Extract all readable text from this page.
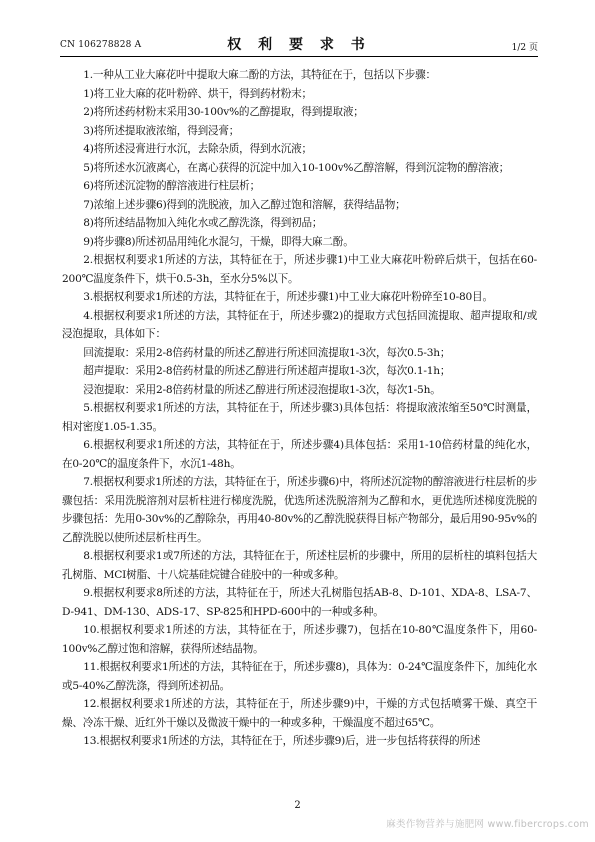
CN 106278828 A	权 利 要 求 书	1/2 页

1.一种从工业大麻花叶中提取大麻二酚的方法，其特征在于，包括以下步骤：

1)将工业大麻的花叶粉碎、烘干，得到药材粉末；

2)将所述药材粉末采用30-100v%的乙醇提取，得到提取液；

3)将所述提取液浓缩，得到浸膏；

4)将所述浸膏进行水沉，去除杂质，得到水沉液；

5)将所述水沉液离心，在离心获得的沉淀中加入10-100v%乙醇溶解，得到沉淀物的醇溶液；

6)将所述沉淀物的醇溶液进行柱层析；

7)浓缩上述步骤6)得到的洗脱液，加入乙醇过饱和溶解，获得结晶物；

8)将所述结晶物加入纯化水或乙醇洗涤，得到初品；

9)将步骤8)所述初品用纯化水混匀，干燥，即得大麻二酚。

2.根据权利要求1所述的方法，其特征在于，所述步骤1)中工业大麻花叶粉碎后烘干，包括在60-200℃温度条件下，烘干0.5-3h，至水分5%以下。

3.根据权利要求1所述的方法，其特征在于，所述步骤1)中工业大麻花叶粉碎至10-80目。

4.根据权利要求1所述的方法，其特征在于，所述步骤2)的提取方式包括回流提取、超声提取和/或浸泡提取，具体如下：

回流提取：采用2-8倍药材量的所述乙醇进行所述回流提取1-3次，每次0.5-3h；

超声提取：采用2-8倍药材量的所述乙醇进行所述超声提取1-3次，每次0.1-1h；

浸泡提取：采用2-8倍药材量的所述乙醇进行所述浸泡提取1-3次，每次1-5h。

5.根据权利要求1所述的方法，其特征在于，所述步骤3)具体包括：将提取液浓缩至50℃时测量，相对密度1.05-1.35。

6.根据权利要求1所述的方法，其特征在于，所述步骤4)具体包括：采用1-10倍药材量的纯化水，在0-20℃的温度条件下，水沉1-48h。

7.根据权利要求1所述的方法，其特征在于，所述步骤6)中，将所述沉淀物的醇溶液进行柱层析的步骤包括：采用洗脱溶剂对层析柱进行梯度洗脱，优选所述洗脱溶剂为乙醇和水，更优选所述梯度洗脱的步骤包括：先用0-30v%的乙醇除杂，再用40-80v%的乙醇洗脱获得目标产物部分，最后用90-95v%的乙醇洗脱以使所述层析柱再生。

8.根据权利要求1或7所述的方法，其特征在于，所述柱层析的步骤中，所用的层析柱的填料包括大孔树脂、MCI树脂、十八烷基硅烷键合硅胶中的一种或多种。

9.根据权利要求8所述的方法，其特征在于，所述大孔树脂包括AB-8、D-101、XDA-8、LSA-7、D-941、DM-130、ADS-17、SP-825和HPD-600中的一种或多种。

10.根据权利要求1所述的方法，其特征在于，所述步骤7)，包括在10-80℃温度条件下，用60-100v%乙醇过饱和溶解，获得所述结晶物。

11.根据权利要求1所述的方法，其特征在于，所述步骤8)，具体为：0-24℃温度条件下，加纯化水或5-40%乙醇洗涤，得到所述初品。

12.根据权利要求1所述的方法，其特征在于，所述步骤9)中，干燥的方式包括喷雾干燥、真空干燥、冷冻干燥、近红外干燥以及微波干燥中的一种或多种，干燥温度不超过65℃。

13.根据权利要求1所述的方法，其特征在于，所述步骤9)后，进一步包括将获得的所述

2
麻类作物营养与施肥网 www.fibercrops.com
